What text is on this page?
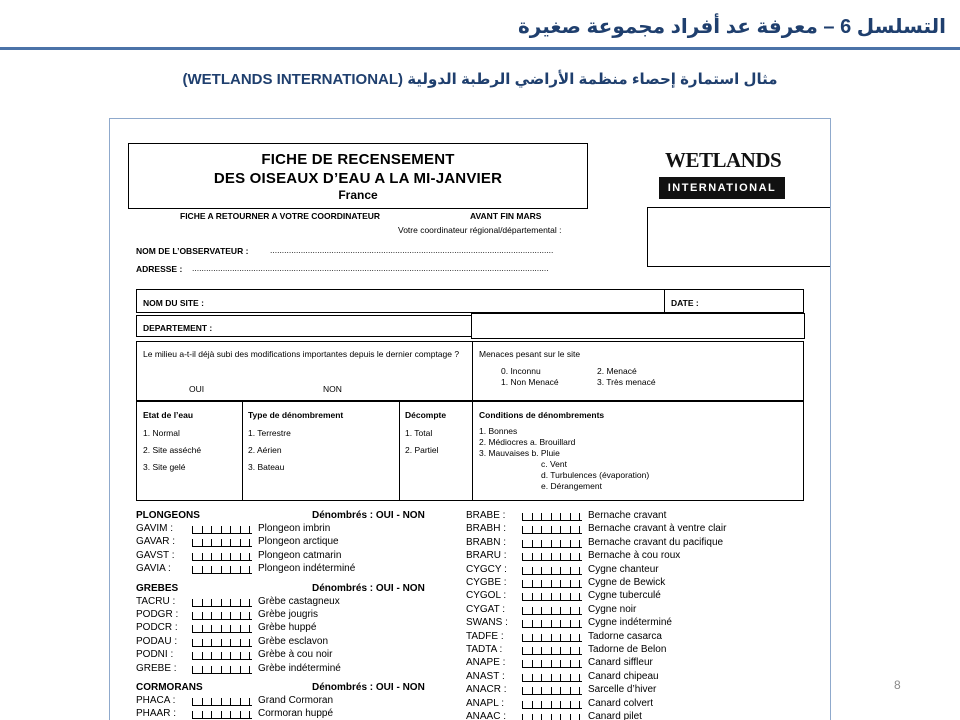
التسلسل 6 – معرفة عد أفراد مجموعة صغيرة
مثال استمارة إحصاء منظمة الأراضي الرطبة الدولية (WETLANDS INTERNATIONAL)
FICHE DE RECENSEMENT
DES OISEAUX D’EAU A LA MI-JANVIER
France
WETLANDS
INTERNATIONAL
FICHE A RETOURNER A VOTRE COORDINATEUR	AVANT FIN MARS
Votre coordinateur régional/départemental :
NOM DE L’OBSERVATEUR :	........................................................................................................................
ADRESSE : .......................................................................................................................................................
NOM DU SITE :	DATE :
DEPARTEMENT :
Le milieu a-t-il déjà subi des modifications importantes depuis le dernier comptage ?
OUI	NON
Menaces pesant sur le site
0. Inconnu	2. Menacé
1. Non Menacé	3. Très menacé
Etat de l’eau
1. Normal
2. Site asséché
3. Site gelé
Type de dénombrement
1. Terrestre
2. Aérien
3. Bateau
Décompte
1. Total
2. Partiel
Conditions de dénombrements
1. Bonnes
2. Médiocres a. Brouillard
3. Mauvaises b. Pluie
c. Vent
d. Turbulences (évaporation)
e. Dérangement
PLONGEONS	Dénombrés : OUI - NON
GAVIM :	Plongeon imbrin
GAVAR :	Plongeon arctique
GAVST :	Plongeon catmarin
GAVIA :	Plongeon indéterminé
GREBES	Dénombrés : OUI - NON
TACRU :	Grèbe castagneux
PODGR :	Grèbe jougris
PODCR :	Grèbe huppé
PODAU :	Grèbe esclavon
PODNI :	Grèbe à cou noir
GREBE :	Grèbe indéterminé
CORMORANS	Dénombrés : OUI - NON
PHACA :	Grand Cormoran
PHAAR :	Cormoran huppé
BRABE :	Bernache cravant
BRABH :	Bernache cravant à ventre clair
BRABN :	Bernache cravant du pacifique
BRARU :	Bernache à cou roux
CYGCY :	Cygne chanteur
CYGBE :	Cygne de Bewick
CYGOL :	Cygne tuberculé
CYGAT :	Cygne noir
SWANS :	Cygne indéterminé
TADFE :	Tadorne casarca
TADTA :	Tadorne de Belon
ANAPE :	Canard siffleur
ANAST :	Canard chipeau
ANACR :	Sarcelle d’hiver
ANAPL :	Canard colvert
ANAAC :	Canard pilet
8
